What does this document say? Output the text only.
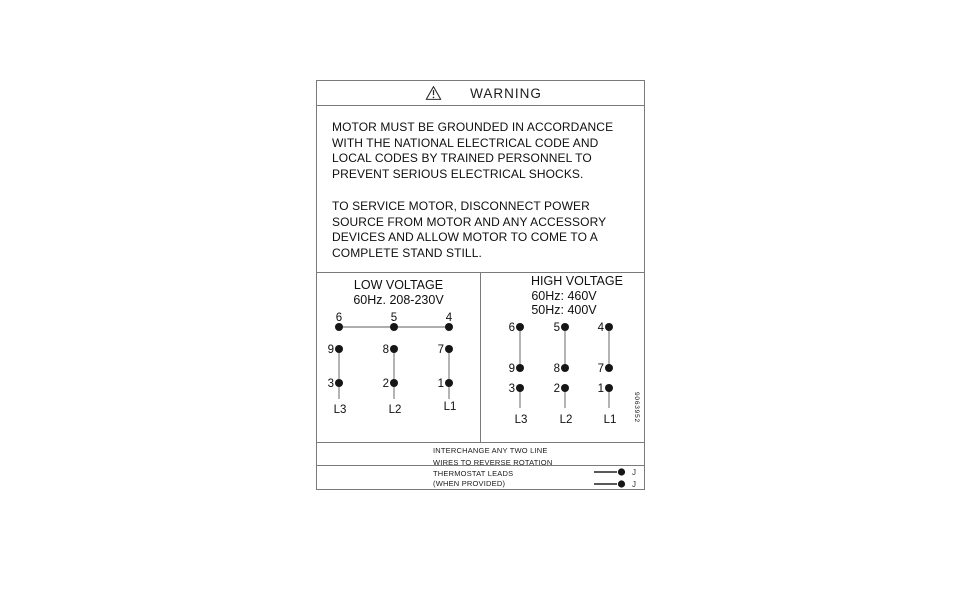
WARNING
MOTOR MUST BE GROUNDED IN ACCORDANCE
WITH THE NATIONAL ELECTRICAL CODE AND
LOCAL CODES BY TRAINED PERSONNEL TO
PREVENT SERIOUS ELECTRICAL SHOCKS.
TO SERVICE MOTOR, DISCONNECT POWER
SOURCE FROM MOTOR AND ANY ACCESSORY
DEVICES AND ALLOW MOTOR TO COME TO A
COMPLETE STAND STILL.
LOW VOLTAGE
60Hz. 208-230V
6	5	4
9	8	7
3	2	1
L3	L2	L1
HIGH VOLTAGE
60Hz: 460V
50Hz: 400V
6	5	4
9	8	7
3	2	1
L3	L2	L1	9063952
INTERCHANGE ANY TWO LINE
WIRES TO REVERSE ROTATION
THERMOSTAT LEADS
(WHEN PROVIDED)
J
J
